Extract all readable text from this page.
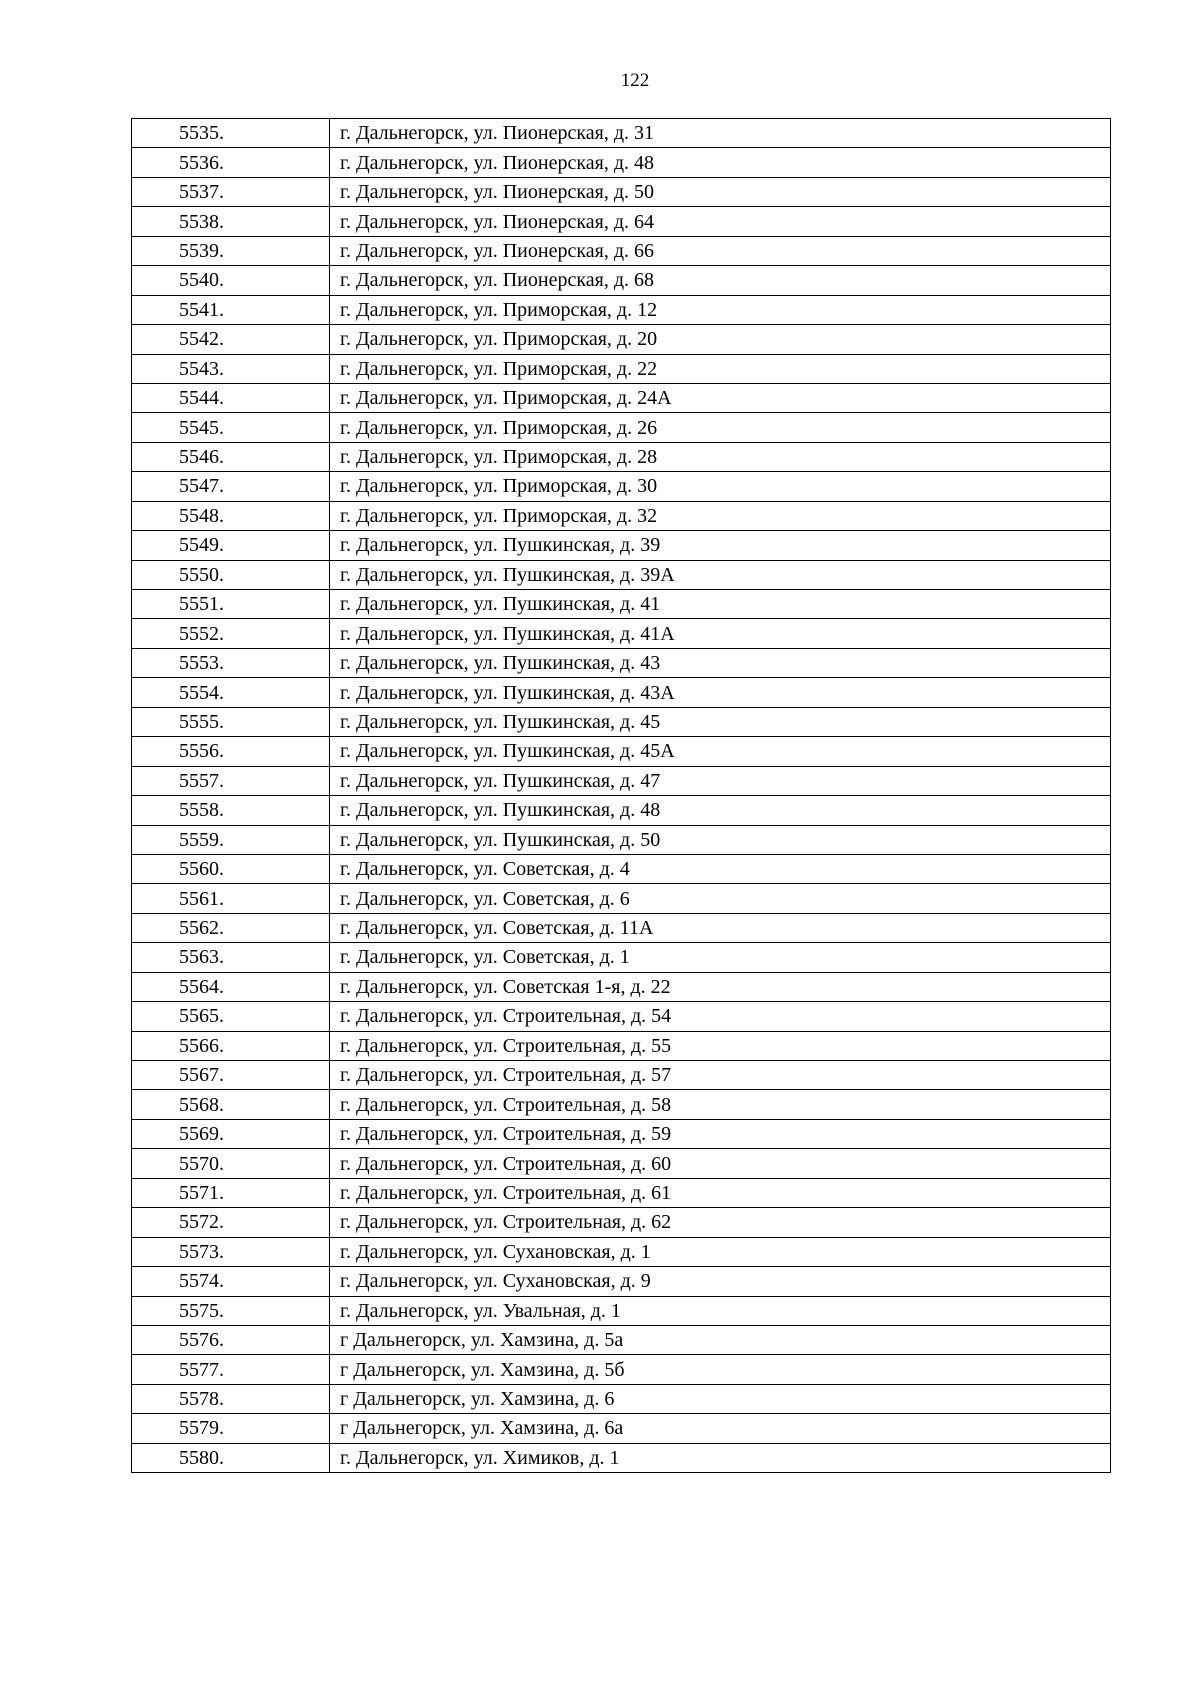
122
5535.	г. Дальнегорск, ул. Пионерская, д. 31
5536.	г. Дальнегорск, ул. Пионерская, д. 48
5537.	г. Дальнегорск, ул. Пионерская, д. 50
5538.	г. Дальнегорск, ул. Пионерская, д. 64
5539.	г. Дальнегорск, ул. Пионерская, д. 66
5540.	г. Дальнегорск, ул. Пионерская, д. 68
5541.	г. Дальнегорск, ул. Приморская, д. 12
5542.	г. Дальнегорск, ул. Приморская, д. 20
5543.	г. Дальнегорск, ул. Приморская, д. 22
5544.	г. Дальнегорск, ул. Приморская, д. 24А
5545.	г. Дальнегорск, ул. Приморская, д. 26
5546.	г. Дальнегорск, ул. Приморская, д. 28
5547.	г. Дальнегорск, ул. Приморская, д. 30
5548.	г. Дальнегорск, ул. Приморская, д. 32
5549.	г. Дальнегорск, ул. Пушкинская, д. 39
5550.	г. Дальнегорск, ул. Пушкинская, д. 39А
5551.	г. Дальнегорск, ул. Пушкинская, д. 41
5552.	г. Дальнегорск, ул. Пушкинская, д. 41А
5553.	г. Дальнегорск, ул. Пушкинская, д. 43
5554.	г. Дальнегорск, ул. Пушкинская, д. 43А
5555.	г. Дальнегорск, ул. Пушкинская, д. 45
5556.	г. Дальнегорск, ул. Пушкинская, д. 45А
5557.	г. Дальнегорск, ул. Пушкинская, д. 47
5558.	г. Дальнегорск, ул. Пушкинская, д. 48
5559.	г. Дальнегорск, ул. Пушкинская, д. 50
5560.	г. Дальнегорск, ул. Советская, д. 4
5561.	г. Дальнегорск, ул. Советская, д. 6
5562.	г. Дальнегорск, ул. Советская, д. 11А
5563.	г. Дальнегорск, ул. Советская, д. 1
5564.	г. Дальнегорск, ул. Советская 1-я, д. 22
5565.	г. Дальнегорск, ул. Строительная, д. 54
5566.	г. Дальнегорск, ул. Строительная, д. 55
5567.	г. Дальнегорск, ул. Строительная, д. 57
5568.	г. Дальнегорск, ул. Строительная, д. 58
5569.	г. Дальнегорск, ул. Строительная, д. 59
5570.	г. Дальнегорск, ул. Строительная, д. 60
5571.	г. Дальнегорск, ул. Строительная, д. 61
5572.	г. Дальнегорск, ул. Строительная, д. 62
5573.	г. Дальнегорск, ул. Сухановская, д. 1
5574.	г. Дальнегорск, ул. Сухановская, д. 9
5575.	г. Дальнегорск, ул. Увальная, д. 1
5576.	г Дальнегорск, ул. Хамзина, д. 5а
5577.	г Дальнегорск, ул. Хамзина, д. 5б
5578.	г Дальнегорск, ул. Хамзина, д. 6
5579.	г Дальнегорск, ул. Хамзина, д. 6а
5580.	г. Дальнегорск, ул. Химиков, д. 1
